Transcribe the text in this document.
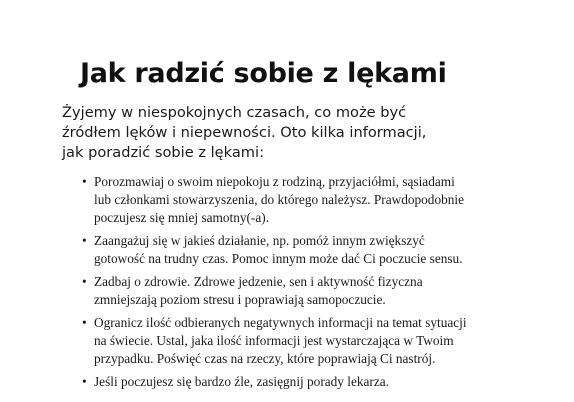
Jak radzić sobie z lękami

Żyjemy w niespokojnych czasach, co może być
źródłem lęków i niepewności. Oto kilka informacji,
jak poradzić sobie z lękami:

• Porozmawiaj o swoim niepokoju z rodziną, przyjaciółmi, sąsiadami
lub członkami stowarzyszenia, do którego należysz. Prawdopodobnie
poczujesz się mniej samotny(-a).
• Zaangażuj się w jakieś działanie, np. pomóż innym zwiększyć
gotowość na trudny czas. Pomoc innym może dać Ci poczucie sensu.
• Zadbaj o zdrowie. Zdrowe jedzenie, sen i aktywność fizyczna
zmniejszają poziom stresu i poprawiają samopoczucie.
• Ogranicz ilość odbieranych negatywnych informacji na temat sytuacji
na świecie. Ustal, jaka ilość informacji jest wystarczająca w Twoim
przypadku. Poświęć czas na rzeczy, które poprawiają Ci nastrój.
• Jeśli poczujesz się bardzo źle, zasięgnij porady lekarza.
